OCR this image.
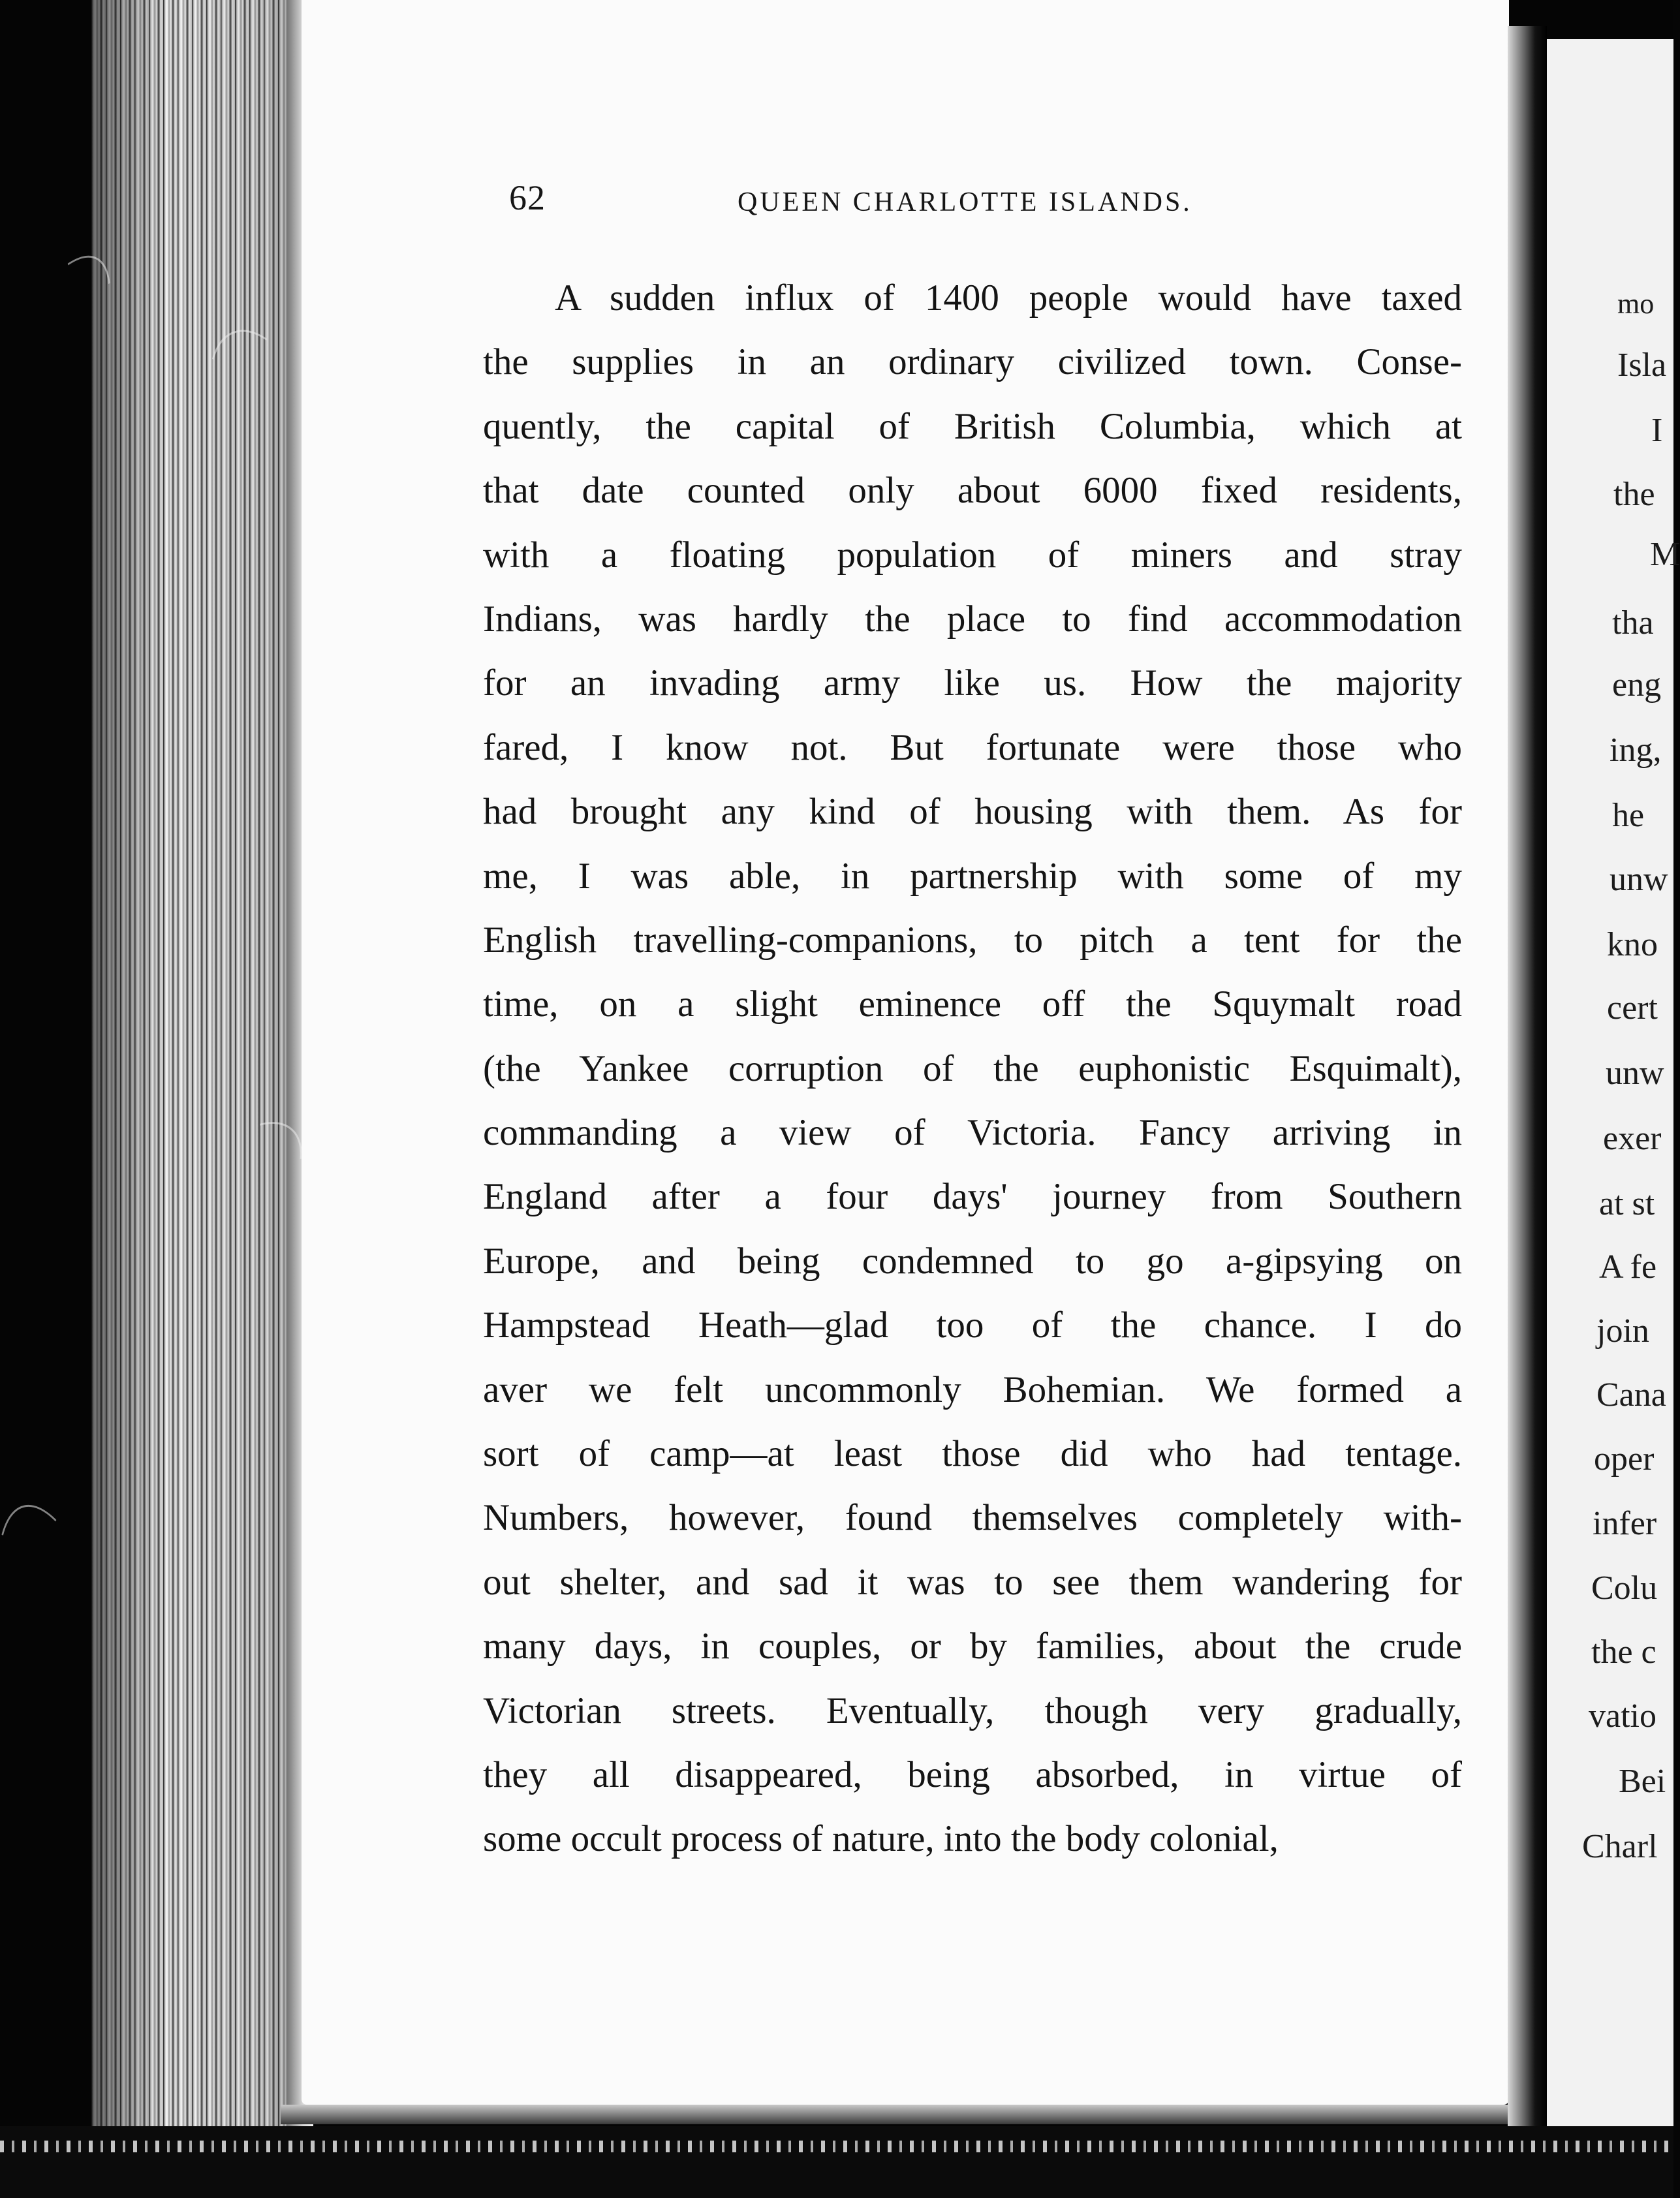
62	QUEEN CHARLOTTE ISLANDS.
A sudden influx of 1400 people would have taxed
the supplies in an ordinary civilized town. Conse-
quently, the capital of British Columbia, which at
that date counted only about 6000 fixed residents,
with a floating population of miners and stray
Indians, was hardly the place to find accommodation
for an invading army like us. How the majority
fared, I know not. But fortunate were those who
had brought any kind of housing with them. As for
me, I was able, in partnership with some of my
English travelling-companions, to pitch a tent for the
time, on a slight eminence off the Squymalt road
(the Yankee corruption of the euphonistic Esquimalt),
commanding a view of Victoria. Fancy arriving in
England after a four days' journey from Southern
Europe, and being condemned to go a-gipsying on
Hampstead Heath—glad too of the chance. I do
aver we felt uncommonly Bohemian. We formed a
sort of camp—at least those did who had tentage.
Numbers, however, found themselves completely with-
out shelter, and sad it was to see them wandering for
many days, in couples, or by families, about the crude
Victorian streets. Eventually, though very gradually,
they all disappeared, being absorbed, in virtue of
some occult process of nature, into the body colonial,
mo
Isla
I
the
M
tha
eng
ing,
he
unw
kno
cert
unw
exer
at st
A fe
join
Cana
oper
infer
Colu
the c
vatio
Bei
Charl
